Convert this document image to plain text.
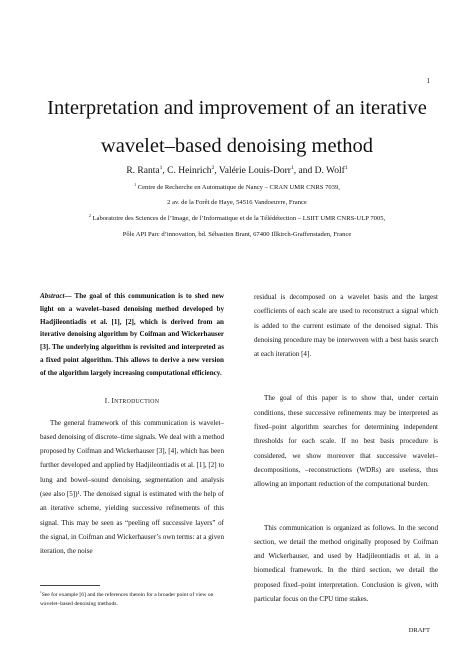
1
Interpretation and improvement of an iterative
wavelet–based denoising method
R. Ranta$^1$, C. Heinrich$^2$, Valérie Louis-Dorr$^1$, and D. Wolf$^1$
$^1$ Centre de Recherche en Automatique de Nancy – CRAN UMR CNRS 7039,
2 av. de la Forêt de Haye, 54516 Vandoeuvre, France
$^2$ Laboratoire des Sciences de l’Image, de l’Informatique et de la Télédétection – LSIIT UMR CNRS-ULP 7005,
Pôle API Parc d’innovation, bd. Sébastien Brant, 67400 Illkirch-Graffenstaden, France

Abstract— The goal of this communication is to shed new light on a wavelet–based denoising method developed by Hadjileontiadis et al. [1], [2], which is derived from an iterative denoising algorithm by Coifman and Wickerhauser [3]. The underlying algorithm is revisited and interpreted as a fixed point algorithm. This allows to derive a new version of the algorithm largely increasing computational efficiency.

I. INTRODUCTION

The general framework of this communication is wavelet–based denoising of discrete–time signals. We deal with a method proposed by Coifman and Wickerhauser [3], [4], which has been further developed and applied by Hadjileontiadis et al. [1], [2] to lung and bowel–sound denoising, segmentation and analysis (see also [5])¹. The denoised signal is estimated with the help of an iterative scheme, yielding successive refinements of this signal. This may be seen as “peeling off successive layers” of the signal, in Coifman and Wickerhauser’s own terms: at a given iteration, the noise

$^1$See for example [6] and the references therein for a broader point of view on wavelet–based denoising methods.

residual is decomposed on a wavelet basis and the largest coefficients of each scale are used to reconstruct a signal which is added to the current estimate of the denoised signal. This denoising procedure may be interwoven with a best basis search at each iteration [4].

The goal of this paper is to show that, under certain conditions, these successive refinements may be interpreted as fixed–point algorithm searches for determining independent thresholds for each scale. If no best basis procedure is considered, we show moreover that successive wavelet–decompositions, –reconstructions (WDRs) are useless, thus allowing an important reduction of the computational burden.

This communication is organized as follows. In the second section, we detail the method originally proposed by Coifman and Wickerhauser, and used by Hadjileontiadis et al. in a biomedical framework. In the third section, we detail the proposed fixed–point interpretation. Conclusion is given, with particular focus on the CPU time stakes.

DRAFT
